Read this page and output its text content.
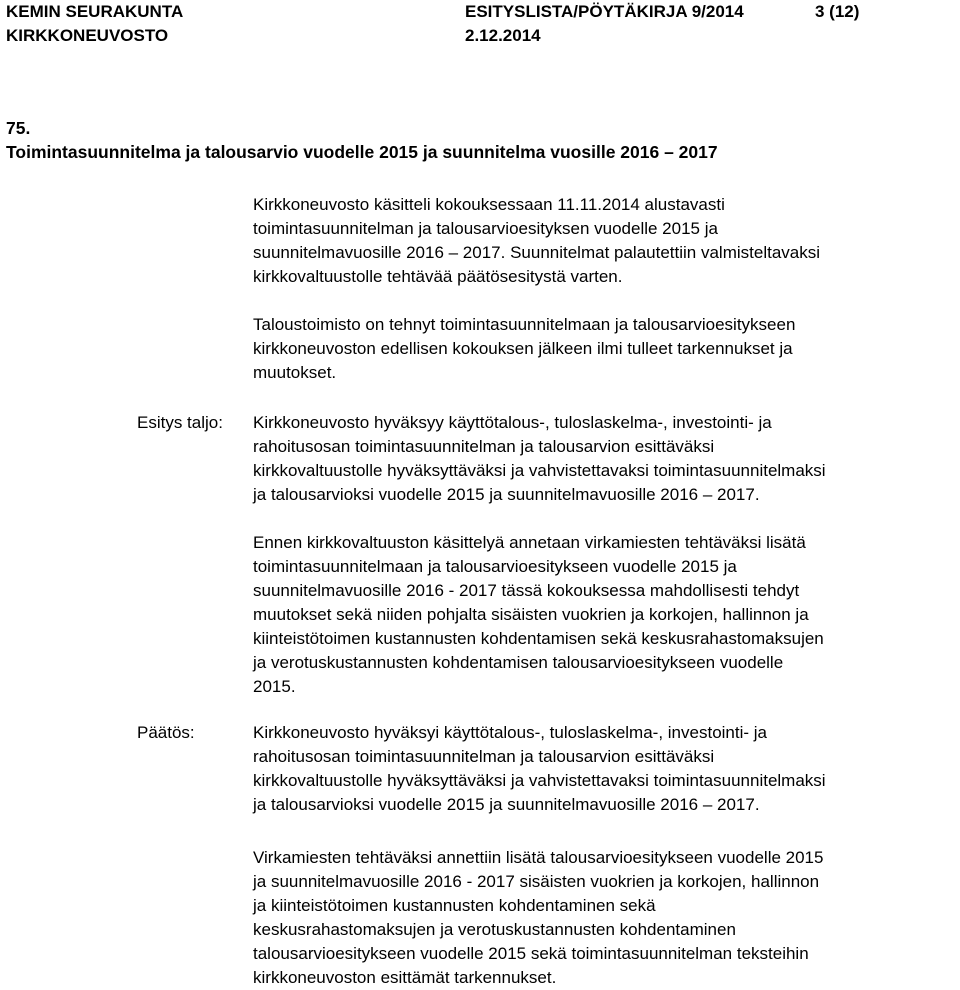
KEMIN SEURAKUNTA
KIRKKONEUVOSTO
ESITYSLISTA/PÖYTÄKIRJA 9/2014
2.12.2014
3 (12)
75.
Toimintasuunnitelma ja talousarvio vuodelle 2015 ja suunnitelma vuosille 2016 – 2017
Kirkkoneuvosto käsitteli kokouksessaan 11.11.2014 alustavasti
toimintasuunnitelman ja talousarvioesityksen vuodelle 2015 ja
suunnitelmavuosille 2016 – 2017. Suunnitelmat palautettiin valmisteltavaksi
kirkkovaltuustolle tehtävää päätösesitystä varten.
Taloustoimisto on tehnyt toimintasuunnitelmaan ja talousarvioesitykseen
kirkkoneuvoston edellisen kokouksen jälkeen ilmi tulleet tarkennukset ja
muutokset.
Esitys taljo: Kirkkoneuvosto hyväksyy käyttötalous-, tuloslaskelma-, investointi- ja
rahoitusosan toimintasuunnitelman ja talousarvion esittäväksi
kirkkovaltuustolle hyväksyttäväksi ja vahvistettavaksi toimintasuunnitelmaksi
ja talousarvioksi vuodelle 2015 ja suunnitelmavuosille 2016 – 2017.
Ennen kirkkovaltuuston käsittelyä annetaan virkamiesten tehtäväksi lisätä
toimintasuunnitelmaan ja talousarvioesitykseen vuodelle 2015 ja
suunnitelmavuosille 2016 - 2017 tässä kokouksessa mahdollisesti tehdyt
muutokset sekä niiden pohjalta sisäisten vuokrien ja korkojen, hallinnon ja
kiinteistötoimen kustannusten kohdentamisen sekä keskusrahastomaksujen
ja verotuskustannusten kohdentamisen talousarvioesitykseen vuodelle
2015.
Päätös:	Kirkkoneuvosto hyväksyi käyttötalous-, tuloslaskelma-, investointi- ja
rahoitusosan toimintasuunnitelman ja talousarvion esittäväksi
kirkkovaltuustolle hyväksyttäväksi ja vahvistettavaksi toimintasuunnitelmaksi
ja talousarvioksi vuodelle 2015 ja suunnitelmavuosille 2016 – 2017.
Virkamiesten tehtäväksi annettiin lisätä talousarvioesitykseen vuodelle 2015
ja suunnitelmavuosille 2016 - 2017 sisäisten vuokrien ja korkojen, hallinnon
ja kiinteistötoimen kustannusten kohdentaminen sekä
keskusrahastomaksujen ja verotuskustannusten kohdentaminen
talousarvioesitykseen vuodelle 2015 sekä toimintasuunnitelman teksteihin
kirkkoneuvoston esittämät tarkennukset.
